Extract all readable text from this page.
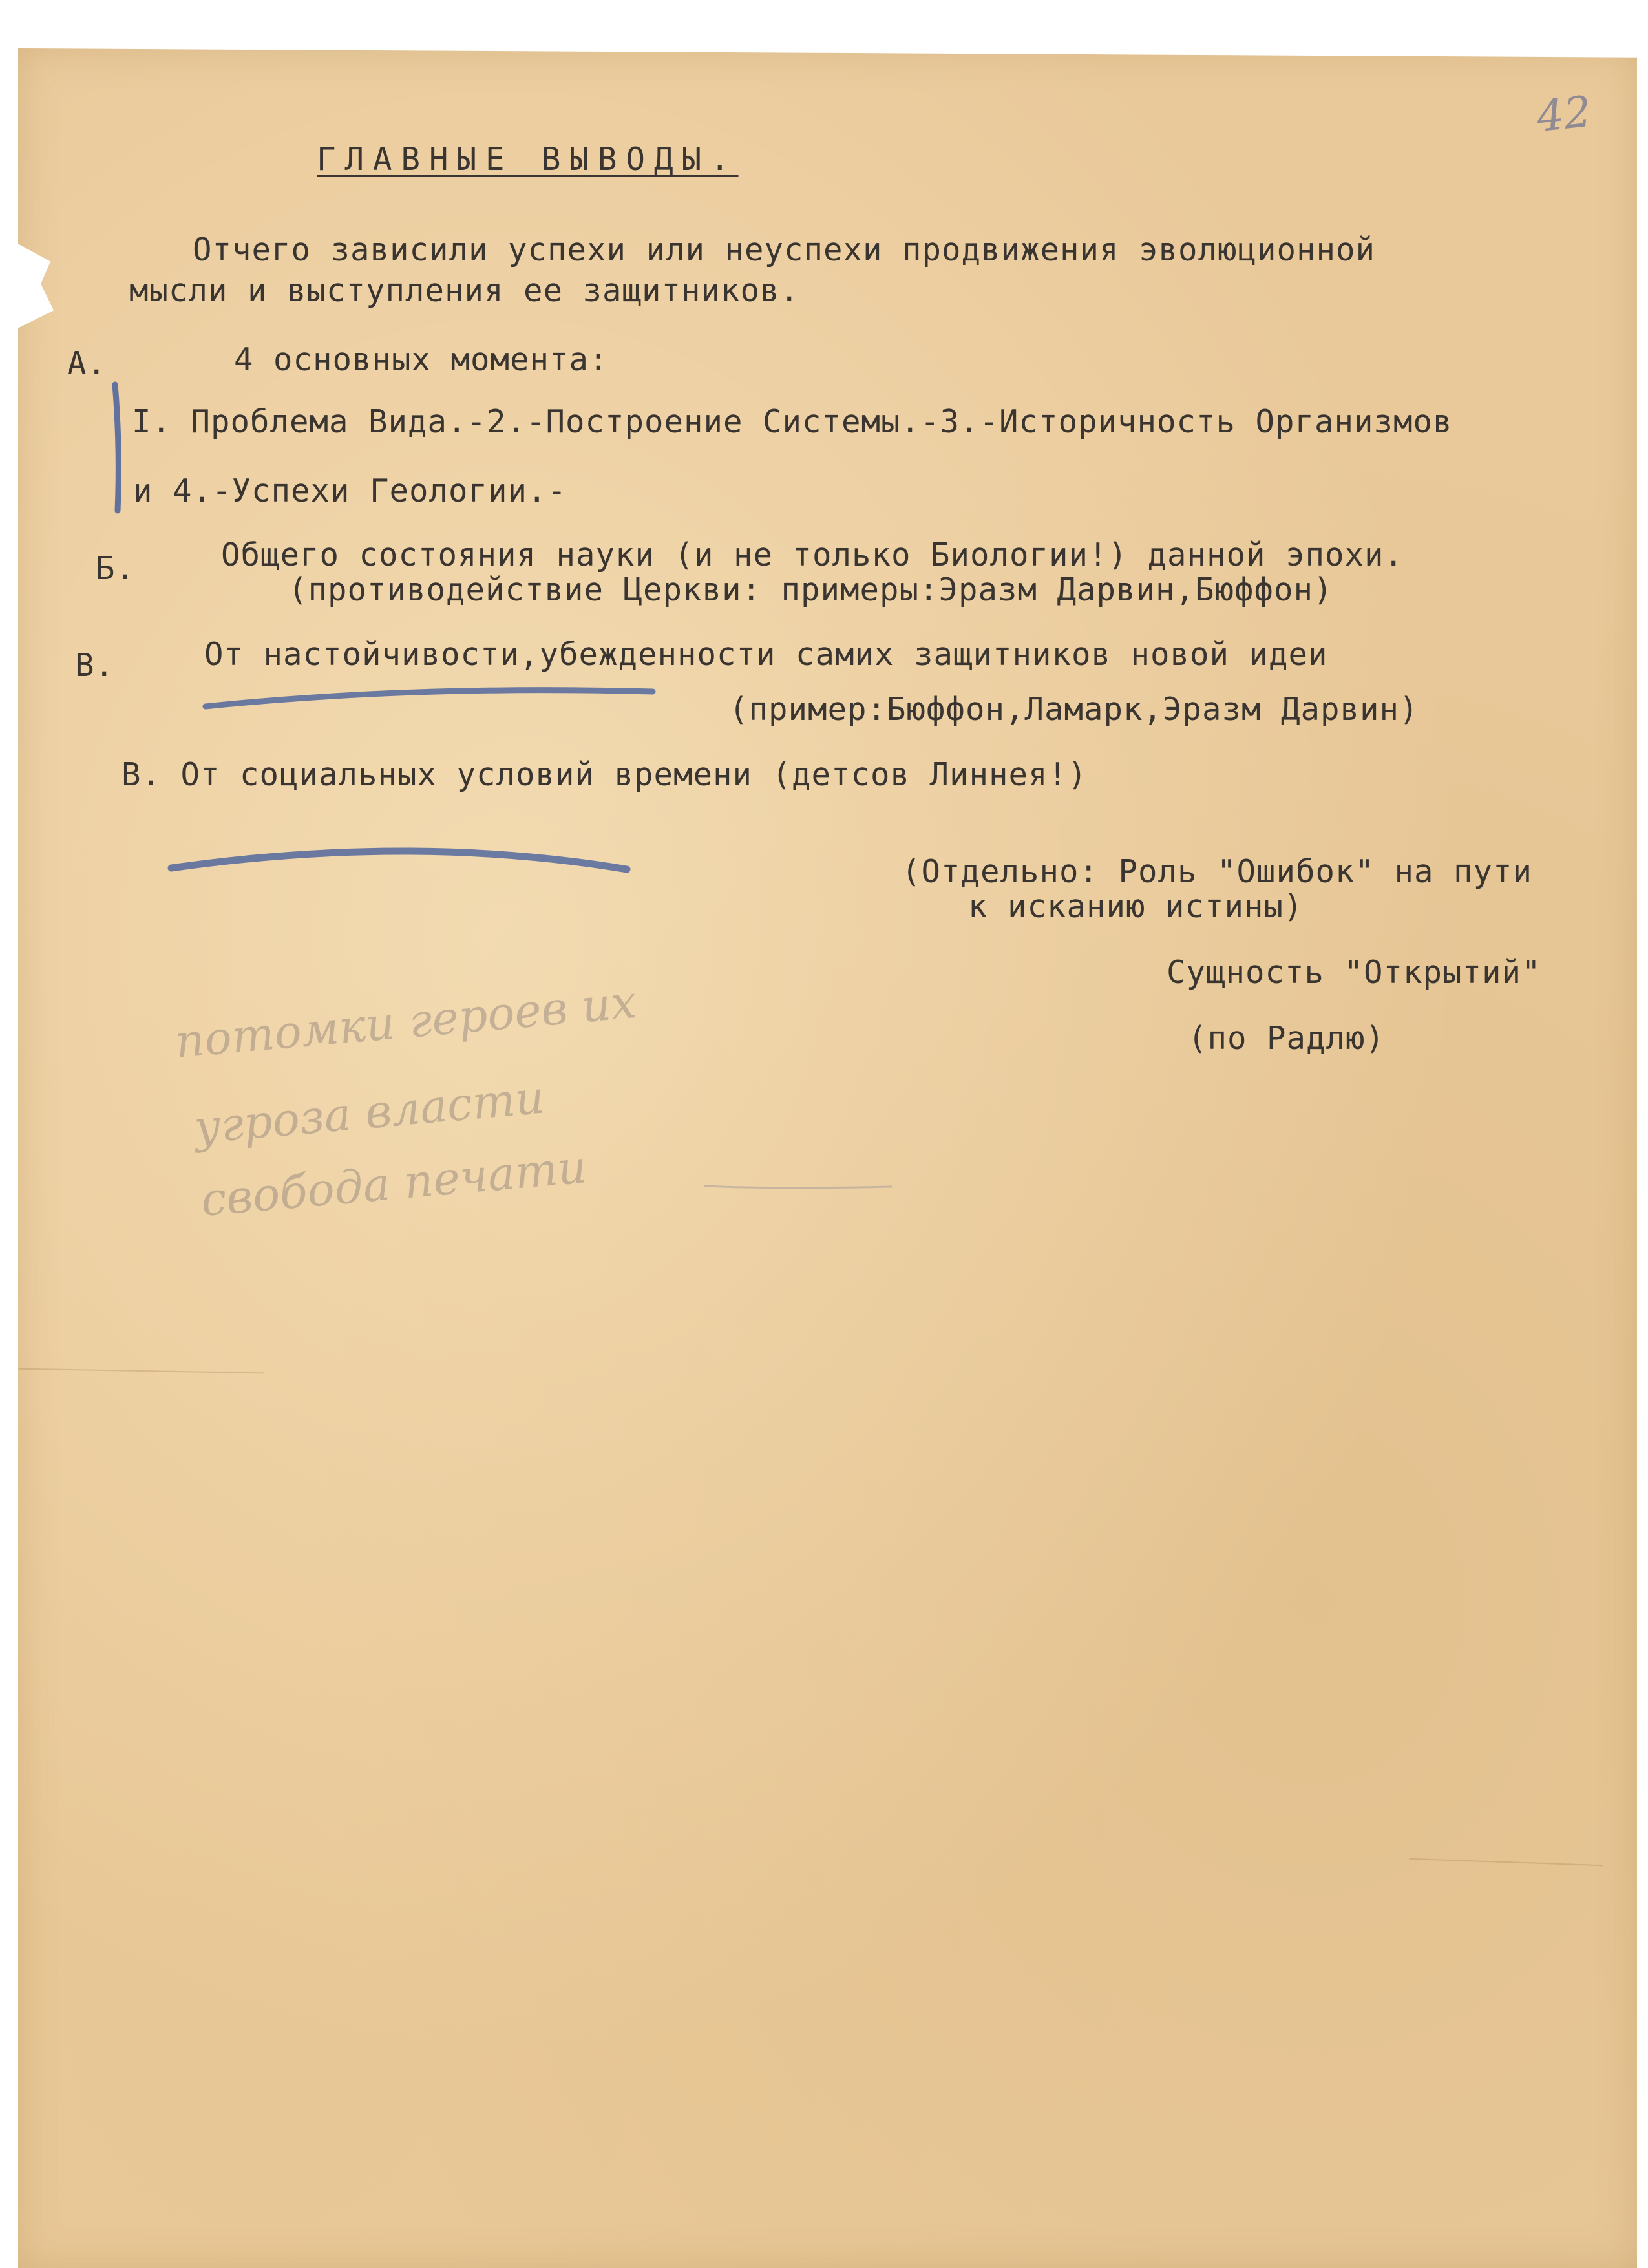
42
ГЛАВНЫЕ ВЫВОДЫ.
Отчего зависили успехи или неуспехи продвижения эволюционной
мысли и выступления ее защитников.
А.	4 основных момента:
I. Проблема Вида.-2.-Построение Системы.-3.-Историчность Организмов
и 4.-Успехи Геологии.-
Б.	Общего состояния науки (и не только Биологии!) данной эпохи.
(противодействие Церкви: примеры:Эразм Дарвин,Бюффон)
В.	От настойчивости,убежденности самих защитников новой идеи
(пример:Бюффон,Ламарк,Эразм Дарвин)
В. От социальных условий времени (детсов Линнея!)
(Отдельно: Роль "Ошибок" на пути
к исканию истины)
Сущность "Открытий"
(по Радлю)
потомки героев их
угроза власти
свобода печати
